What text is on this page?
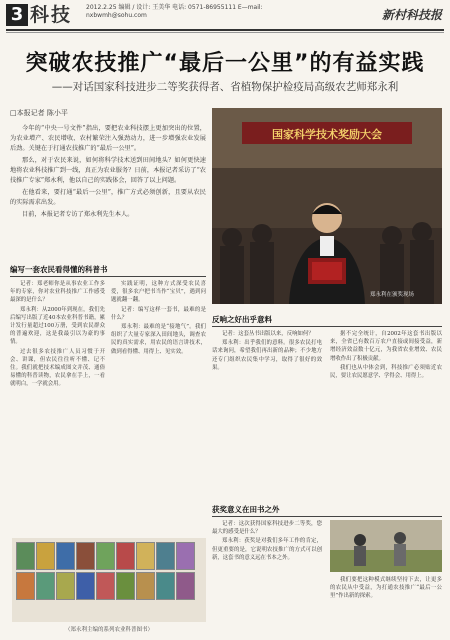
3 科技 2012.2.25 编辑 / 设计: 王美华 电话: 0571-86955111 E—mail: nxbwmh@sohu.com	新村科技报
突破农技推广“最后一公里”的有益实践
——对话国家科技进步二等奖获得者、省植物保护检疫局高级农艺师郑永利
□本报记者 陈小平

今年的“中央一号文件”指出，要把农业科技摆上更加突出的位置，为农业增产、农民增收、农村繁荣注入强劲动力，进一步增强农业发展后劲。关键在于打通农技推广的“最后一公里”。

那么，对于农民来说，如何将科学技术送到田间地头？如何更快速地将农业科技推广到一线，真正为农业服务？日前，本报记者采访了“农技推广专家”郑永利，他以自己的实践体会，回答了以上问题。

在他看来，要打通“最后一公里”，推广方式必须创新，且要从农民的实际需求出发。

目前，本报记者专访了郑永利先生本人。

国家科学技术奖励大会
郑永利在颁奖现场
编写一套农民看得懂的科普书

记者：郑老师你是从事农业工作多年的专家，你对农业科技推广工作感受最深的是什么？

郑永利：从2000年到现在，我们先后编写出版了近40本农业科普书籍，累计发行量超过100万册，受到农民群众的普遍欢迎，这是我最引以为豪的事情。

过去很多农技推广人员习惯于开会、讲课，但农民往往听不懂、记不住。我们就把技术编成图文并茂、通俗易懂的科普读物，农民拿在手上，一看就明白，一学就会用。

实践证明，这种方式深受农民喜爱，很多农户把书当作“宝贝”，遇到问题就翻一翻。

记者：编写这样一套书，最难的是什么？

郑永利：最难的是“接地气”。我们组织了大量专家深入田间地头，调查农民的真实需求，用农民的语言讲技术，做到看得懂、用得上、见实效。

（郑永利主编的系列农业科普图书）
反响之好出乎意料

记者：这套丛书出版以来，反响如何？

郑永利：出乎我们的意料。很多农民打电话来询问，希望我们再出新的品种；不少地方还专门组织农民集中学习，取得了很好的效果。

据不完全统计，自2002年这套书出版以来，全省已有数百万农户直接或间接受益，新增经济效益数十亿元，为我省农业增效、农民增收作出了积极贡献。

我们也从中体会到，科技推广必须贴近农民，要让农民愿意学、学得会、用得上。

获奖意义在田书之外

记者：这次获得国家科技进步二等奖，您最大的感受是什么？

郑永利：获奖是对我们多年工作的肯定，但更重要的是，它说明农技推广的方式可以创新，这套书的意义远在书本之外。

我们要把这种模式继续坚持下去，让更多的农民从中受益，为打通农技推广“最后一公里”作出新的探索。
